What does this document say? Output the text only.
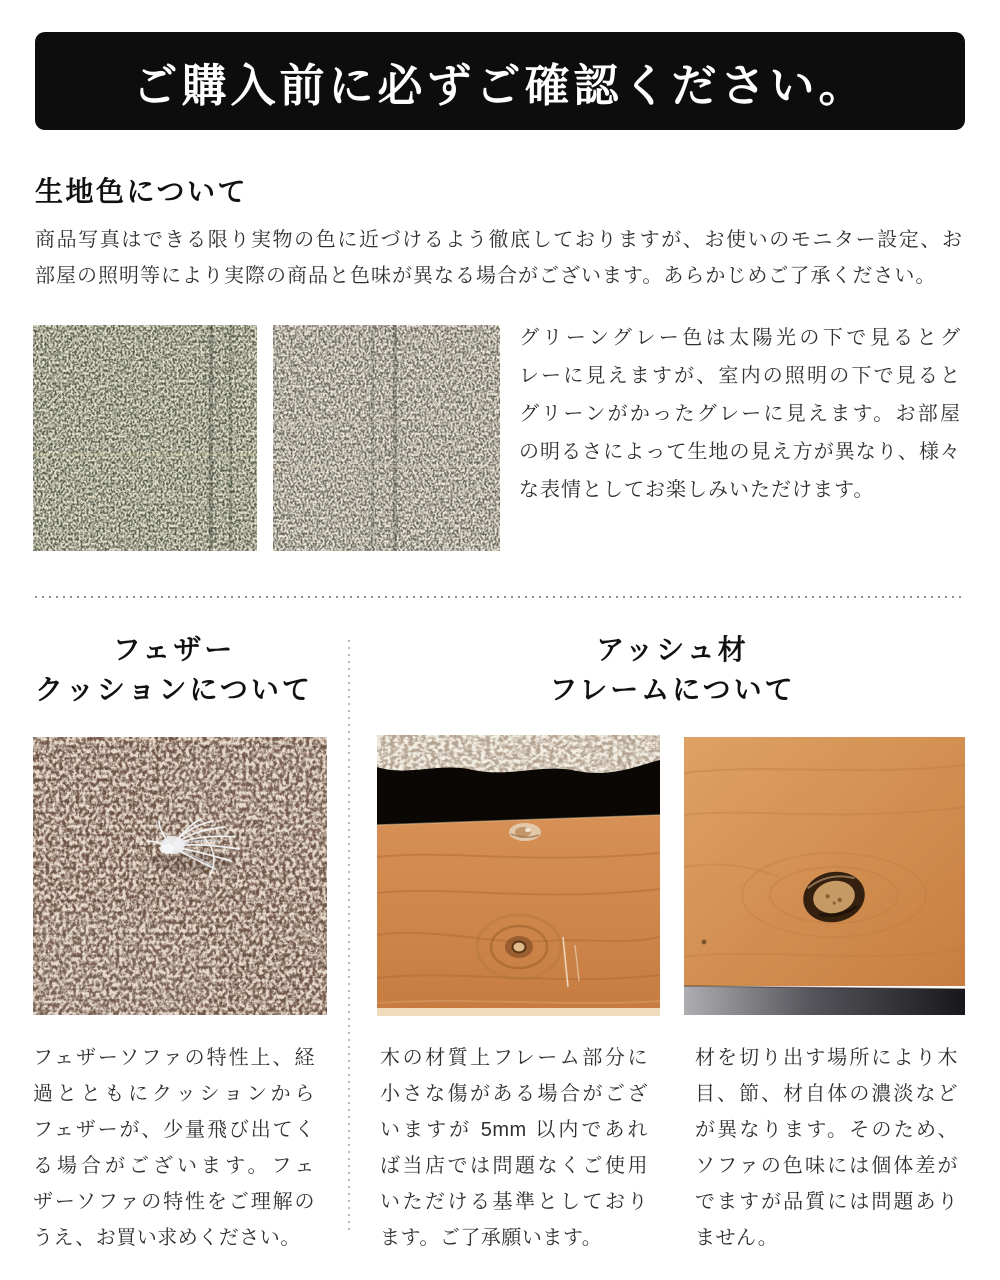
ご購入前に必ずご確認ください。
生地色について
商品写真はできる限り実物の色に近づけるよう徹底しておりますが、お使いのモニター設定、お
部屋の照明等により実際の商品と色味が異なる場合がございます。あらかじめご了承ください。
グリーングレー色は太陽光の下で見るとグ
レーに見えますが、室内の照明の下で見ると
グリーンがかったグレーに見えます。お部屋
の明るさによって生地の見え方が異なり、様々
な表情としてお楽しみいただけます。
フェザー
クッションについて
アッシュ材
フレームについて
フェザーソファの特性上、経
過とともにクッションから
フェザーが、少量飛び出てく
る場合がございます。フェ
ザーソファの特性をご理解の
うえ、お買い求めください。
木の材質上フレーム部分に
小さな傷がある場合がござ
いますが 5mm 以内であれ
ば当店では問題なくご使用
いただける基準としており
ます。ご了承願います。
材を切り出す場所により木
目、節、材自体の濃淡など
が異なります。そのため、
ソファの色味には個体差が
でますが品質には問題あり
ません。
